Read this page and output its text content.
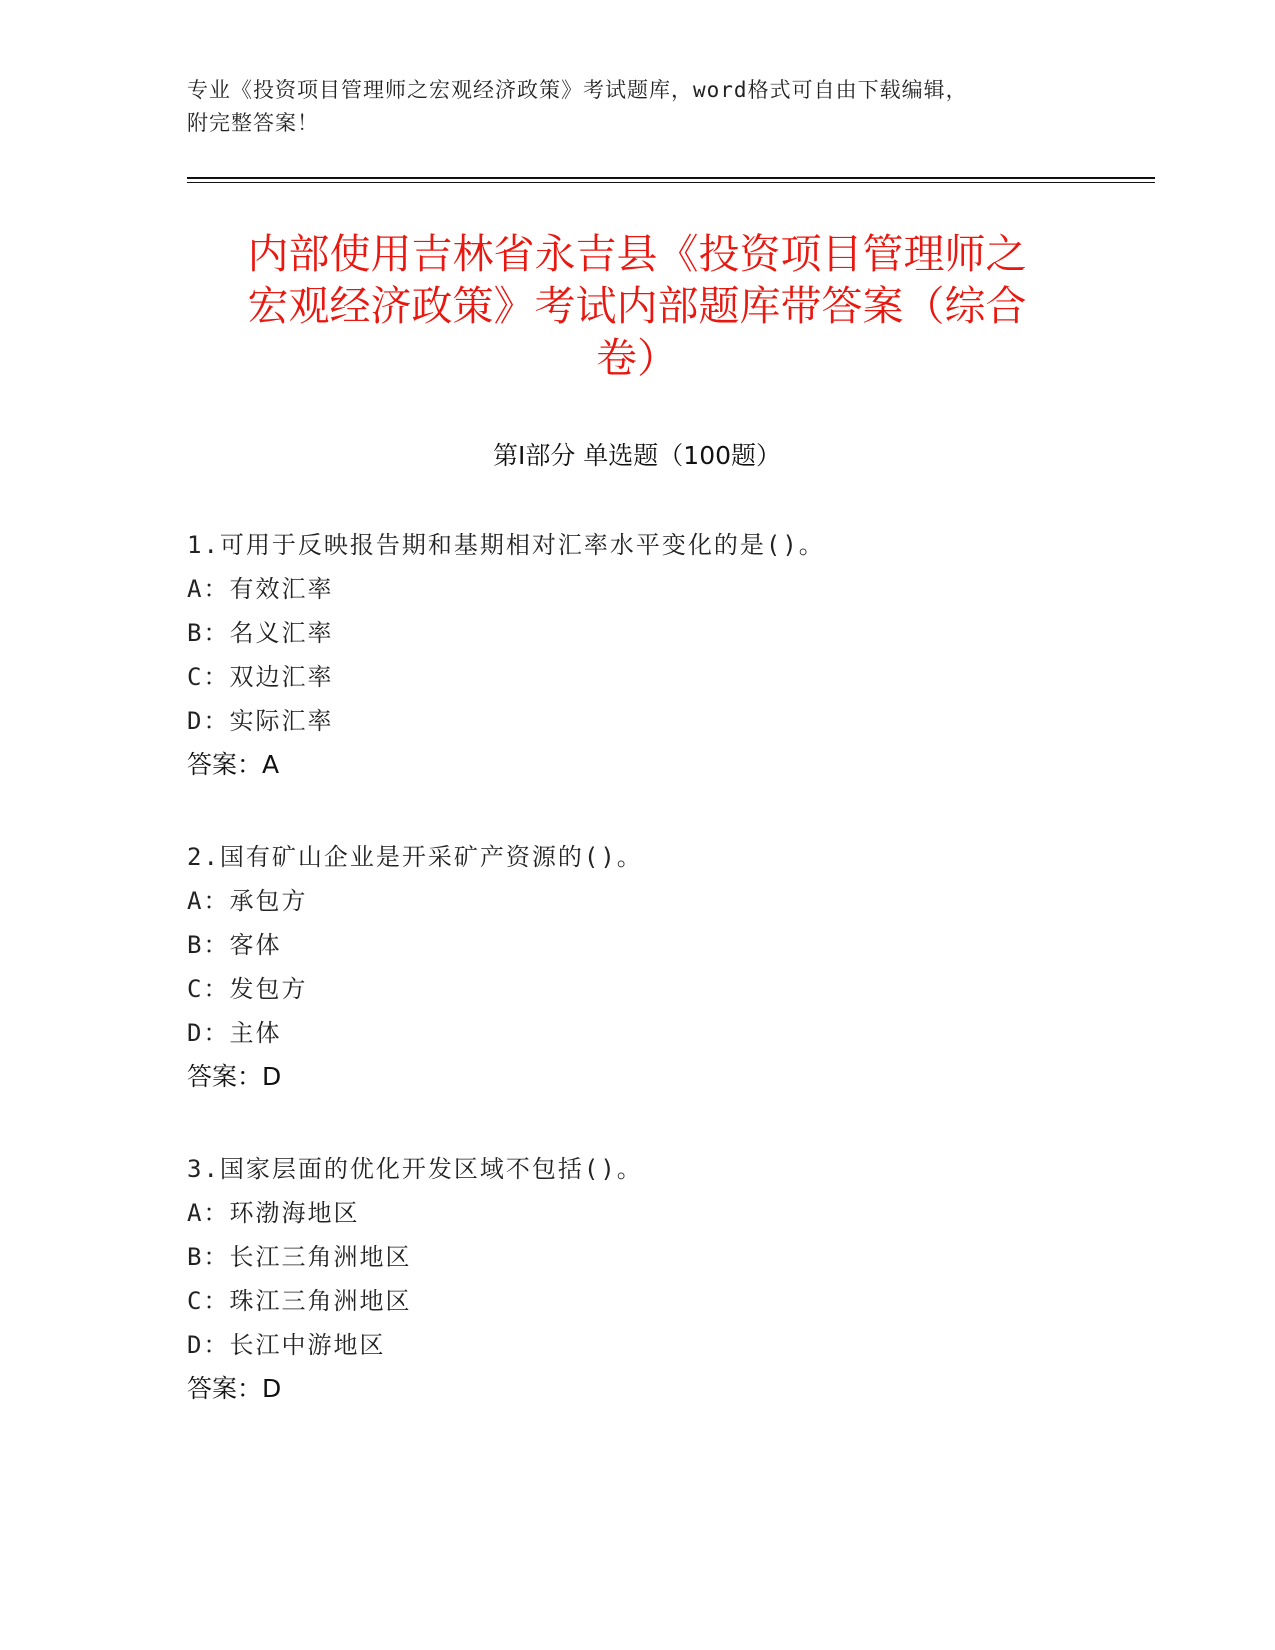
专业《投资项目管理师之宏观经济政策》考试题库，word格式可自由下载编辑，
附完整答案！
内部使用吉林省永吉县《投资项目管理师之
宏观经济政策》考试内部题库带答案（综合
卷）
第Ⅰ部分 单选题（100题）
1.可用于反映报告期和基期相对汇率水平变化的是()。
A：有效汇率
B：名义汇率
C：双边汇率
D：实际汇率
答案：A
2.国有矿山企业是开采矿产资源的()。
A：承包方
B：客体
C：发包方
D：主体
答案：D
3.国家层面的优化开发区域不包括()。
A：环渤海地区
B：长江三角洲地区
C：珠江三角洲地区
D：长江中游地区
答案：D
